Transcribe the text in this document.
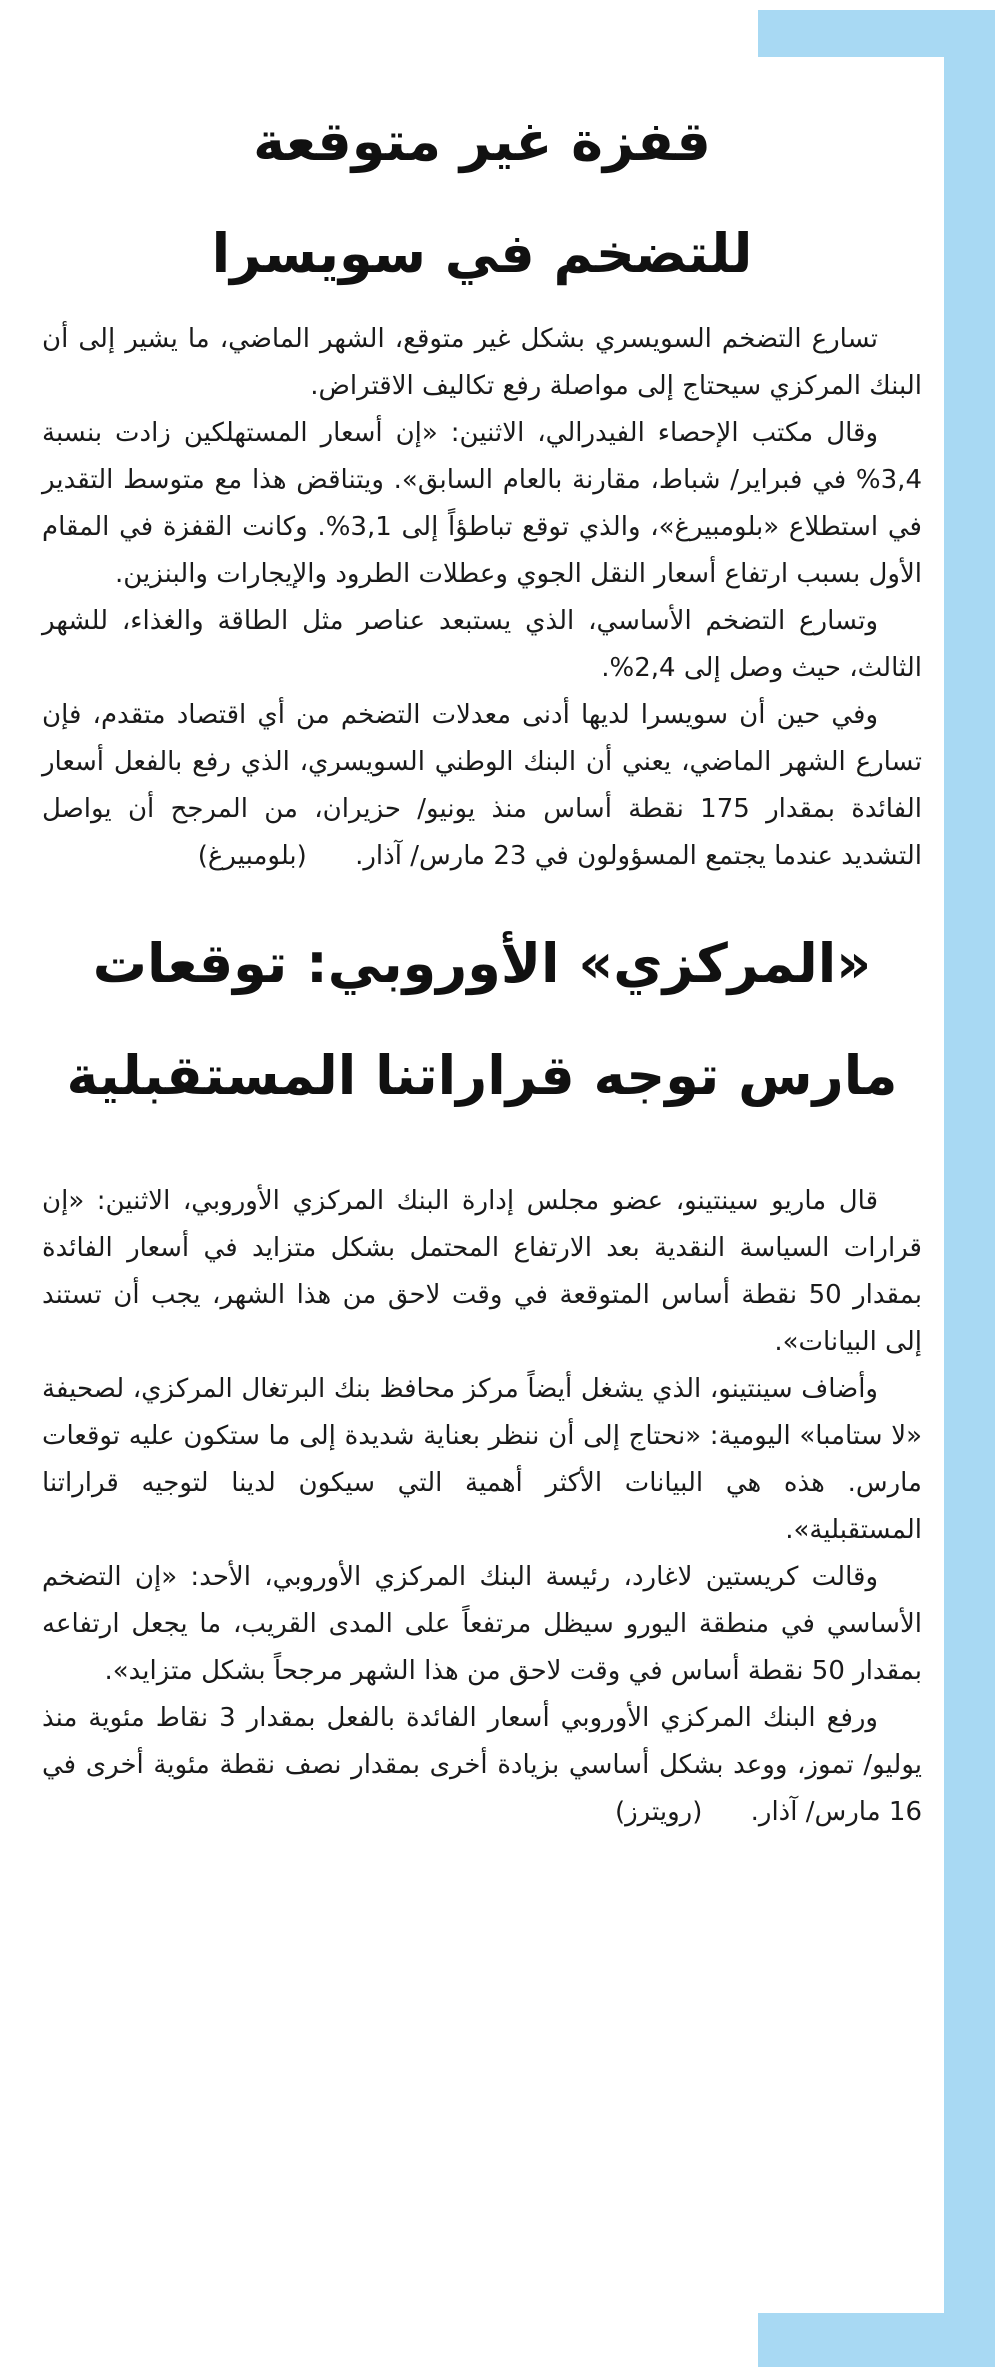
قفزة غير متوقعة
للتضخم في سويسرا

تسارع التضخم السويسري بشكل غير متوقع، الشهر الماضي، ما يشير إلى أن البنك المركزي سيحتاج إلى مواصلة رفع تكاليف الاقتراض.

وقال مكتب الإحصاء الفيدرالي، الاثنين: «إن أسعار المستهلكين زادت بنسبة 3,4% في فبراير/ شباط، مقارنة بالعام السابق». ويتناقض هذا مع متوسط التقدير في استطلاع «بلومبيرغ»، والذي توقع تباطؤاً إلى 3,1%. وكانت القفزة في المقام الأول بسبب ارتفاع أسعار النقل الجوي وعطلات الطرود والإيجارات والبنزين.

وتسارع التضخم الأساسي، الذي يستبعد عناصر مثل الطاقة والغذاء، للشهر الثالث، حيث وصل إلى 2,4%.

وفي حين أن سويسرا لديها أدنى معدلات التضخم من أي اقتصاد متقدم، فإن تسارع الشهر الماضي، يعني أن البنك الوطني السويسري، الذي رفع بالفعل أسعار الفائدة بمقدار 175 نقطة أساس منذ يونيو/ حزيران، من المرجح أن يواصل التشديد عندما يجتمع المسؤولون في 23 مارس/ آذار. (بلومبيرغ)

«المركزي» الأوروبي: توقعات
مارس توجه قراراتنا المستقبلية

قال ماريو سينتينو، عضو مجلس إدارة البنك المركزي الأوروبي، الاثنين: «إن قرارات السياسة النقدية بعد الارتفاع المحتمل بشكل متزايد في أسعار الفائدة بمقدار 50 نقطة أساس المتوقعة في وقت لاحق من هذا الشهر، يجب أن تستند إلى البيانات».

وأضاف سينتينو، الذي يشغل أيضاً مركز محافظ بنك البرتغال المركزي، لصحيفة «لا ستامبا» اليومية: «نحتاج إلى أن ننظر بعناية شديدة إلى ما ستكون عليه توقعات مارس. هذه هي البيانات الأكثر أهمية التي سيكون لدينا لتوجيه قراراتنا المستقبلية».

وقالت كريستين لاغارد، رئيسة البنك المركزي الأوروبي، الأحد: «إن التضخم الأساسي في منطقة اليورو سيظل مرتفعاً على المدى القريب، ما يجعل ارتفاعه بمقدار 50 نقطة أساس في وقت لاحق من هذا الشهر مرجحاً بشكل متزايد».

ورفع البنك المركزي الأوروبي أسعار الفائدة بالفعل بمقدار 3 نقاط مئوية منذ يوليو/ تموز، ووعد بشكل أساسي بزيادة أخرى بمقدار نصف نقطة مئوية أخرى في 16 مارس/ آذار. (رويترز)
